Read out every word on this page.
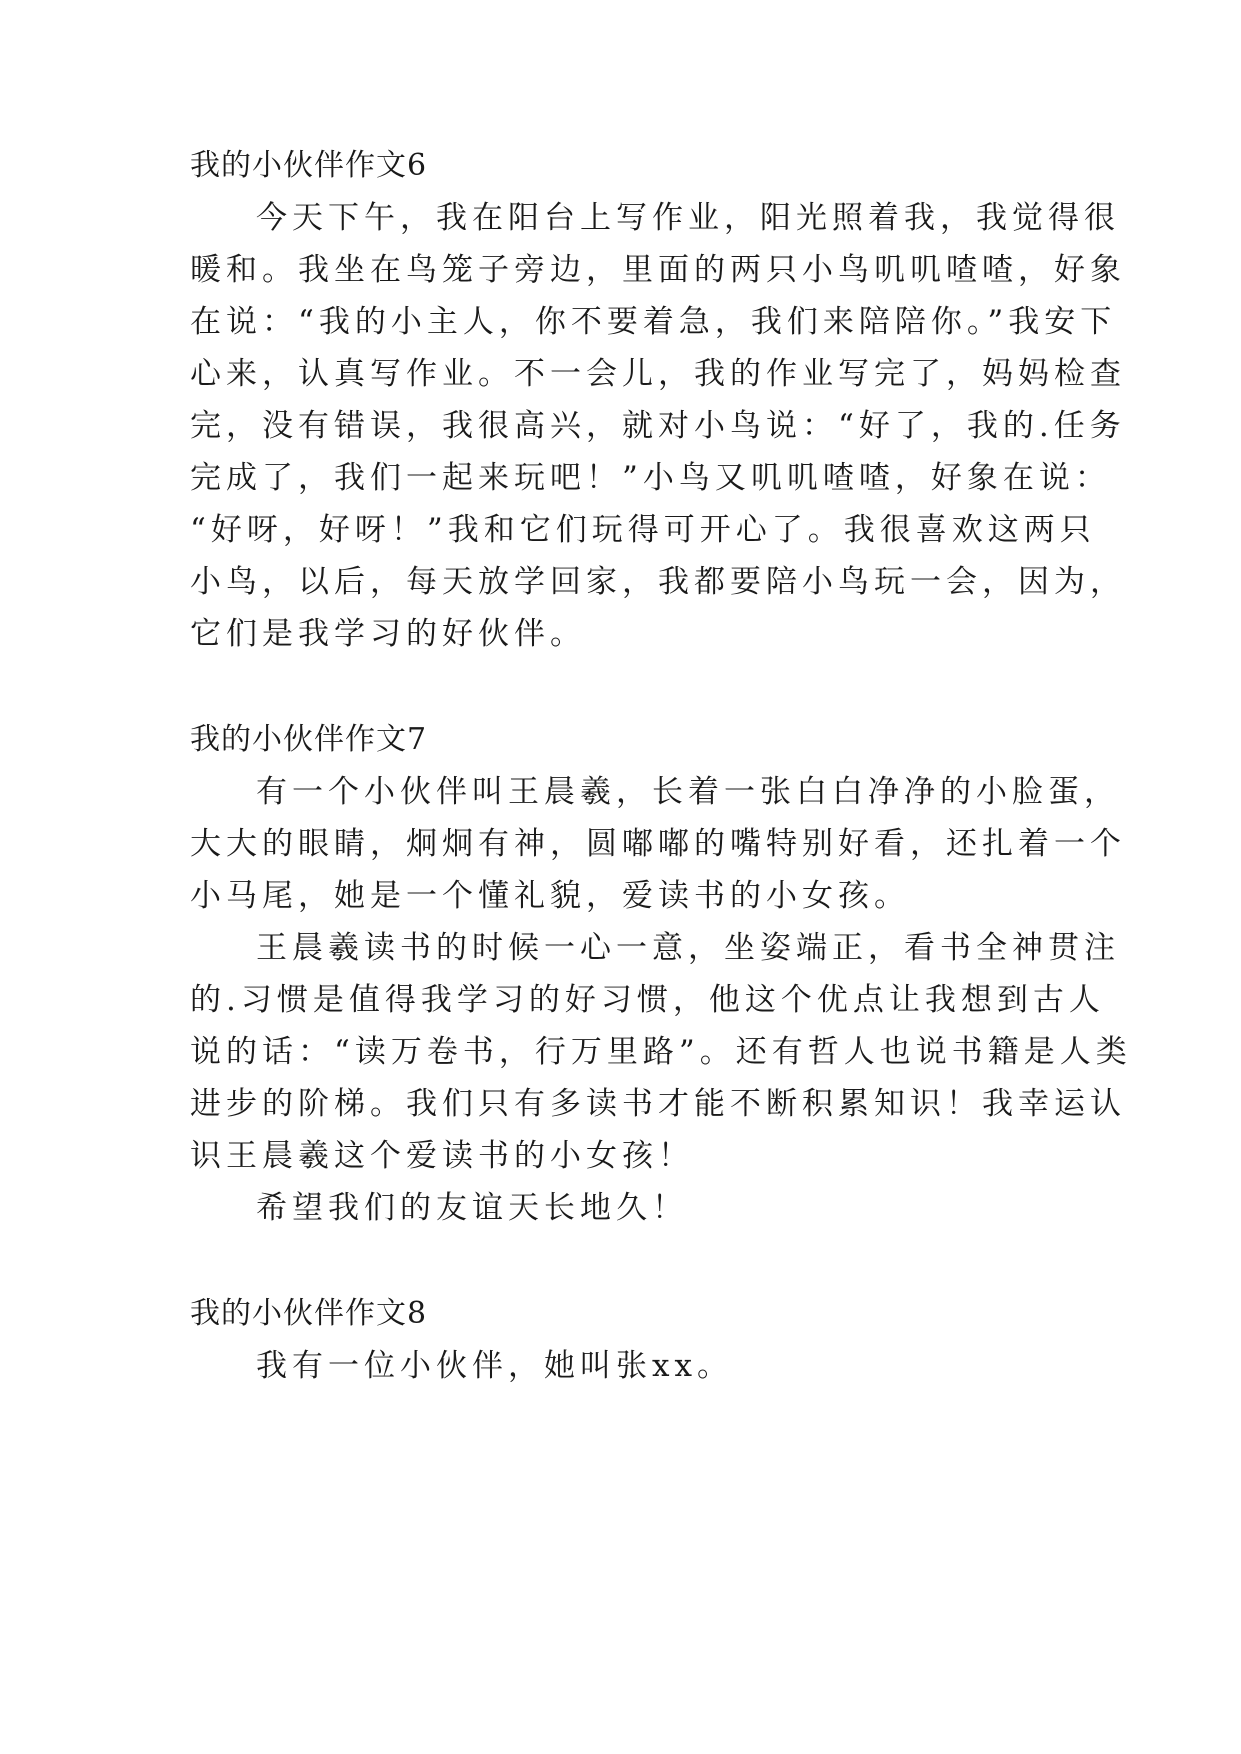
我的小伙伴作文6
今天下午，我在阳台上写作业，阳光照着我，我觉得很
暖和。我坐在鸟笼子旁边，里面的两只小鸟叽叽喳喳，好象
在说：“我的小主人，你不要着急，我们来陪陪你。”我安下
心来，认真写作业。不一会儿，我的作业写完了，妈妈检查
完，没有错误，我很高兴，就对小鸟说：“好了，我的.任务
完成了，我们一起来玩吧！”小鸟又叽叽喳喳，好象在说：
“好呀，好呀！”我和它们玩得可开心了。我很喜欢这两只
小鸟，以后，每天放学回家，我都要陪小鸟玩一会，因为，
它们是我学习的好伙伴。
我的小伙伴作文7
有一个小伙伴叫王晨羲，长着一张白白净净的小脸蛋，
大大的眼睛，炯炯有神，圆嘟嘟的嘴特别好看，还扎着一个
小马尾，她是一个懂礼貌，爱读书的小女孩。
王晨羲读书的时候一心一意，坐姿端正，看书全神贯注
的.习惯是值得我学习的好习惯，他这个优点让我想到古人
说的话：“读万卷书，行万里路”。还有哲人也说书籍是人类
进步的阶梯。我们只有多读书才能不断积累知识！我幸运认
识王晨羲这个爱读书的小女孩！
希望我们的友谊天长地久！
我的小伙伴作文8
我有一位小伙伴，她叫张xx。
